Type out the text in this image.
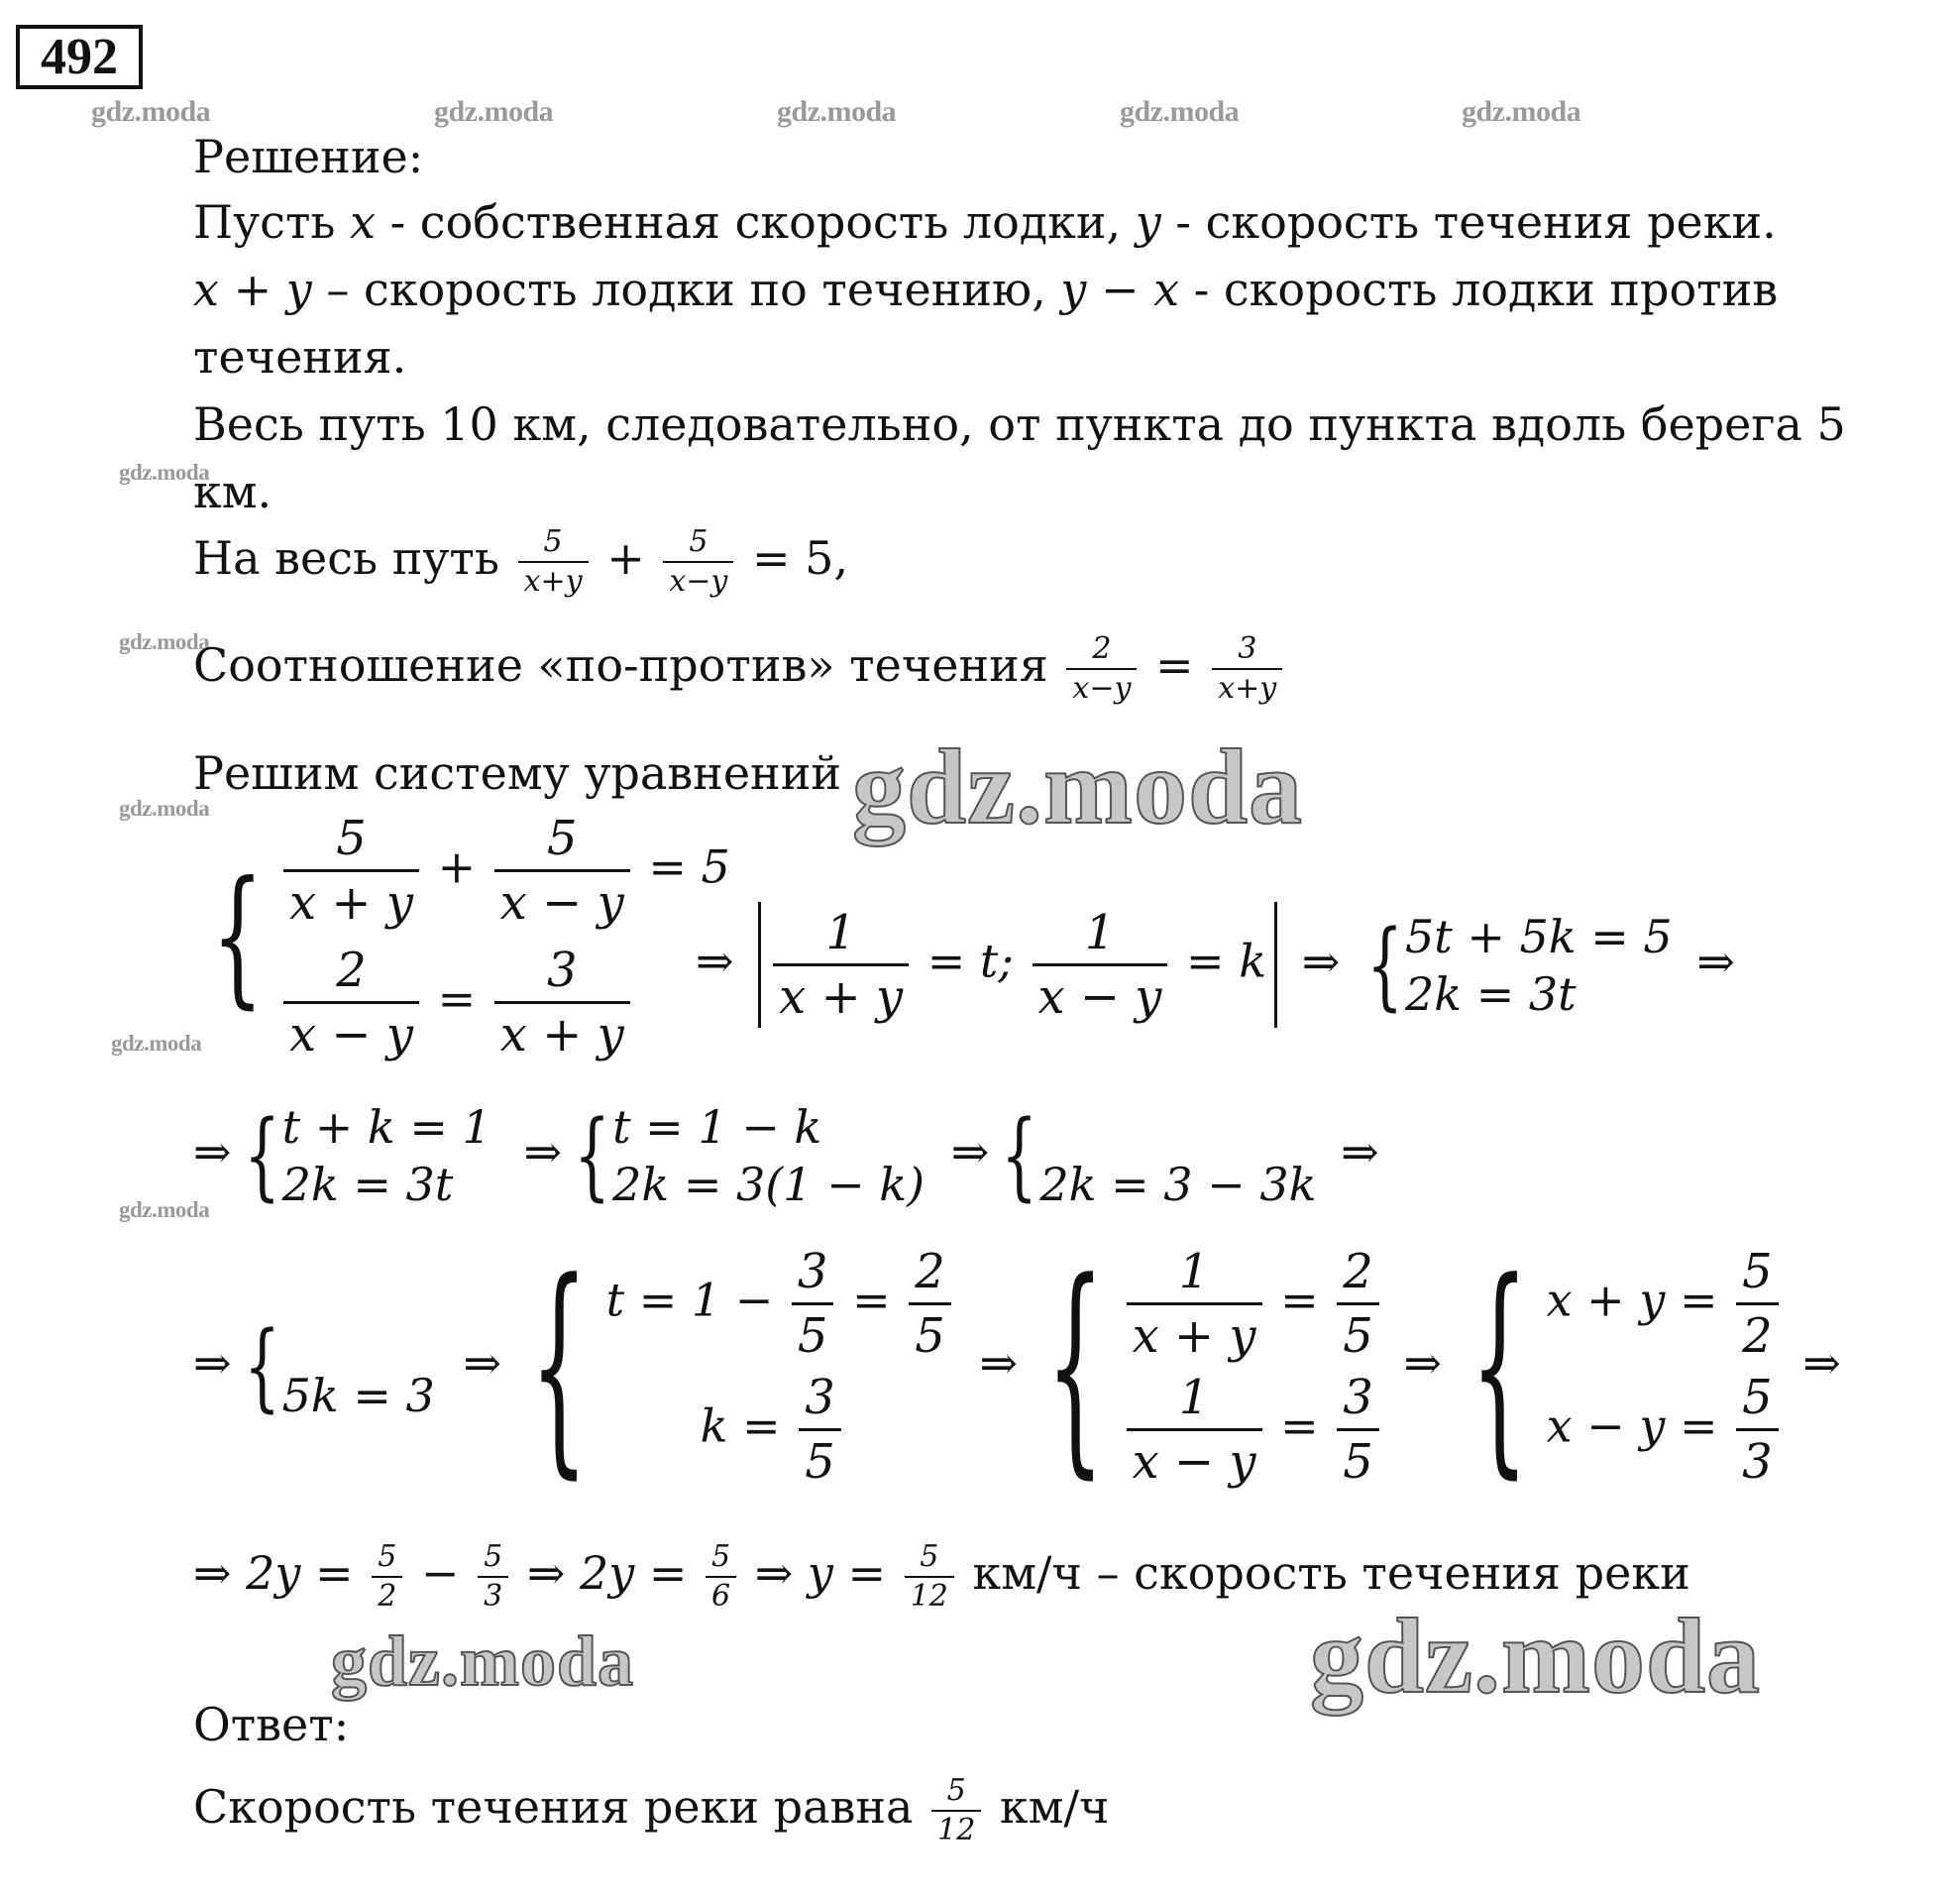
492
gdz.moda	gdz.moda	gdz.moda	gdz.moda	gdz.moda
gdz.moda
gdz.moda
gdz.moda
gdz.moda
gdz.moda
gdz.moda
gdz.moda	gdz.moda
Решение:
Пусть x - собственная скорость лодки, y - скорость течения реки.
x + y – скорость лодки по течению, y − x - скорость лодки против
течения.
Весь путь 10 км, следовательно, от пункта до пункта вдоль берега 5
км.
На весь путь $\frac{5}{x+y} + \frac{5}{x-y} = 5$,
Соотношение «по-против» течения $\frac{2}{x-y} = \frac{3}{x+y}$
Решим систему уравнений
{ $\frac{5}{x + y} + \frac{5}{x - y} = 5$
$\frac{2}{x - y} = \frac{3}{x + y}$ ⇒ $\frac{1}{x + y} = t$; $\frac{1}{x - y} = k$ ⇒ { 5t + 5k = 5
2k = 3t
⇒
⇒ { t + k = 1
2k = 3t
⇒ { t = 1 − k
2k = 3(1 − k)
⇒ {
2k = 3 − 3k
⇒
⇒ {
5k = 3
⇒ { $t = 1 - \frac{3}{5} = \frac{2}{5}$
$k = \frac{3}{5}$
⇒ { $\frac{1}{x + y} = \frac{2}{5}$
$\frac{1}{x - y} = \frac{3}{5}$
⇒ { $x + y = \frac{5}{2}$
$x - y = \frac{5}{3}$
⇒
⇒ $2y = \frac{5}{2} - \frac{5}{3}$ ⇒ $2y = \frac{5}{6}$ ⇒ $y = \frac{5}{12} км/ч$ – скорость течения реки
Ответ:
Скорость течения реки равна $\frac{5}{12} км/ч$
